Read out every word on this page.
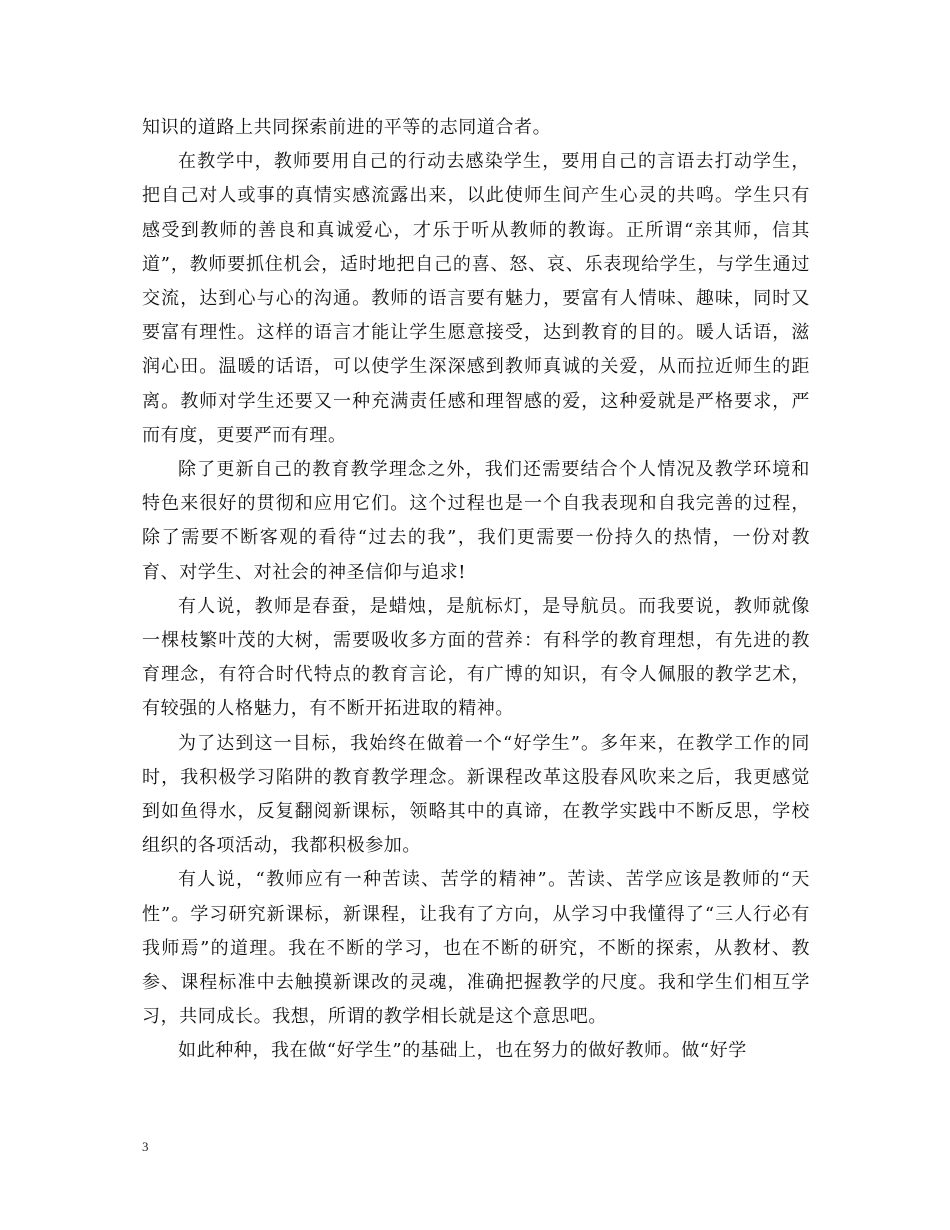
知识的道路上共同探索前进的平等的志同道合者。

在教学中，教师要用自己的行动去感染学生，要用自己的言语去打动学生，把自己对人或事的真情实感流露出来，以此使师生间产生心灵的共鸣。学生只有感受到教师的善良和真诚爱心，才乐于听从教师的教诲。正所谓“亲其师，信其道”，教师要抓住机会，适时地把自己的喜、怒、哀、乐表现给学生，与学生通过交流，达到心与心的沟通。教师的语言要有魅力，要富有人情味、趣味，同时又要富有理性。这样的语言才能让学生愿意接受，达到教育的目的。暖人话语，滋润心田。温暖的话语，可以使学生深深感到教师真诚的关爱，从而拉近师生的距离。教师对学生还要又一种充满责任感和理智感的爱，这种爱就是严格要求，严而有度，更要严而有理。

除了更新自己的教育教学理念之外，我们还需要结合个人情况及教学环境和特色来很好的贯彻和应用它们。这个过程也是一个自我表现和自我完善的过程，除了需要不断客观的看待“过去的我”，我们更需要一份持久的热情，一份对教育、对学生、对社会的神圣信仰与追求!

有人说，教师是春蚕，是蜡烛，是航标灯，是导航员。而我要说，教师就像一棵枝繁叶茂的大树，需要吸收多方面的营养：有科学的教育理想，有先进的教育理念，有符合时代特点的教育言论，有广博的知识，有令人佩服的教学艺术，有较强的人格魅力，有不断开拓进取的精神。

为了达到这一目标，我始终在做着一个“好学生”。多年来，在教学工作的同时，我积极学习陷阱的教育教学理念。新课程改革这股春风吹来之后，我更感觉到如鱼得水，反复翻阅新课标，领略其中的真谛，在教学实践中不断反思，学校组织的各项活动，我都积极参加。

有人说，“教师应有一种苦读、苦学的精神”。苦读、苦学应该是教师的“天性”。学习研究新课标，新课程，让我有了方向，从学习中我懂得了“三人行必有我师焉”的道理。我在不断的学习，也在不断的研究，不断的探索，从教材、教参、课程标准中去触摸新课改的灵魂，准确把握教学的尺度。我和学生们相互学习，共同成长。我想，所谓的教学相长就是这个意思吧。

如此种种，我在做“好学生”的基础上，也在努力的做好教师。做“好学

3
